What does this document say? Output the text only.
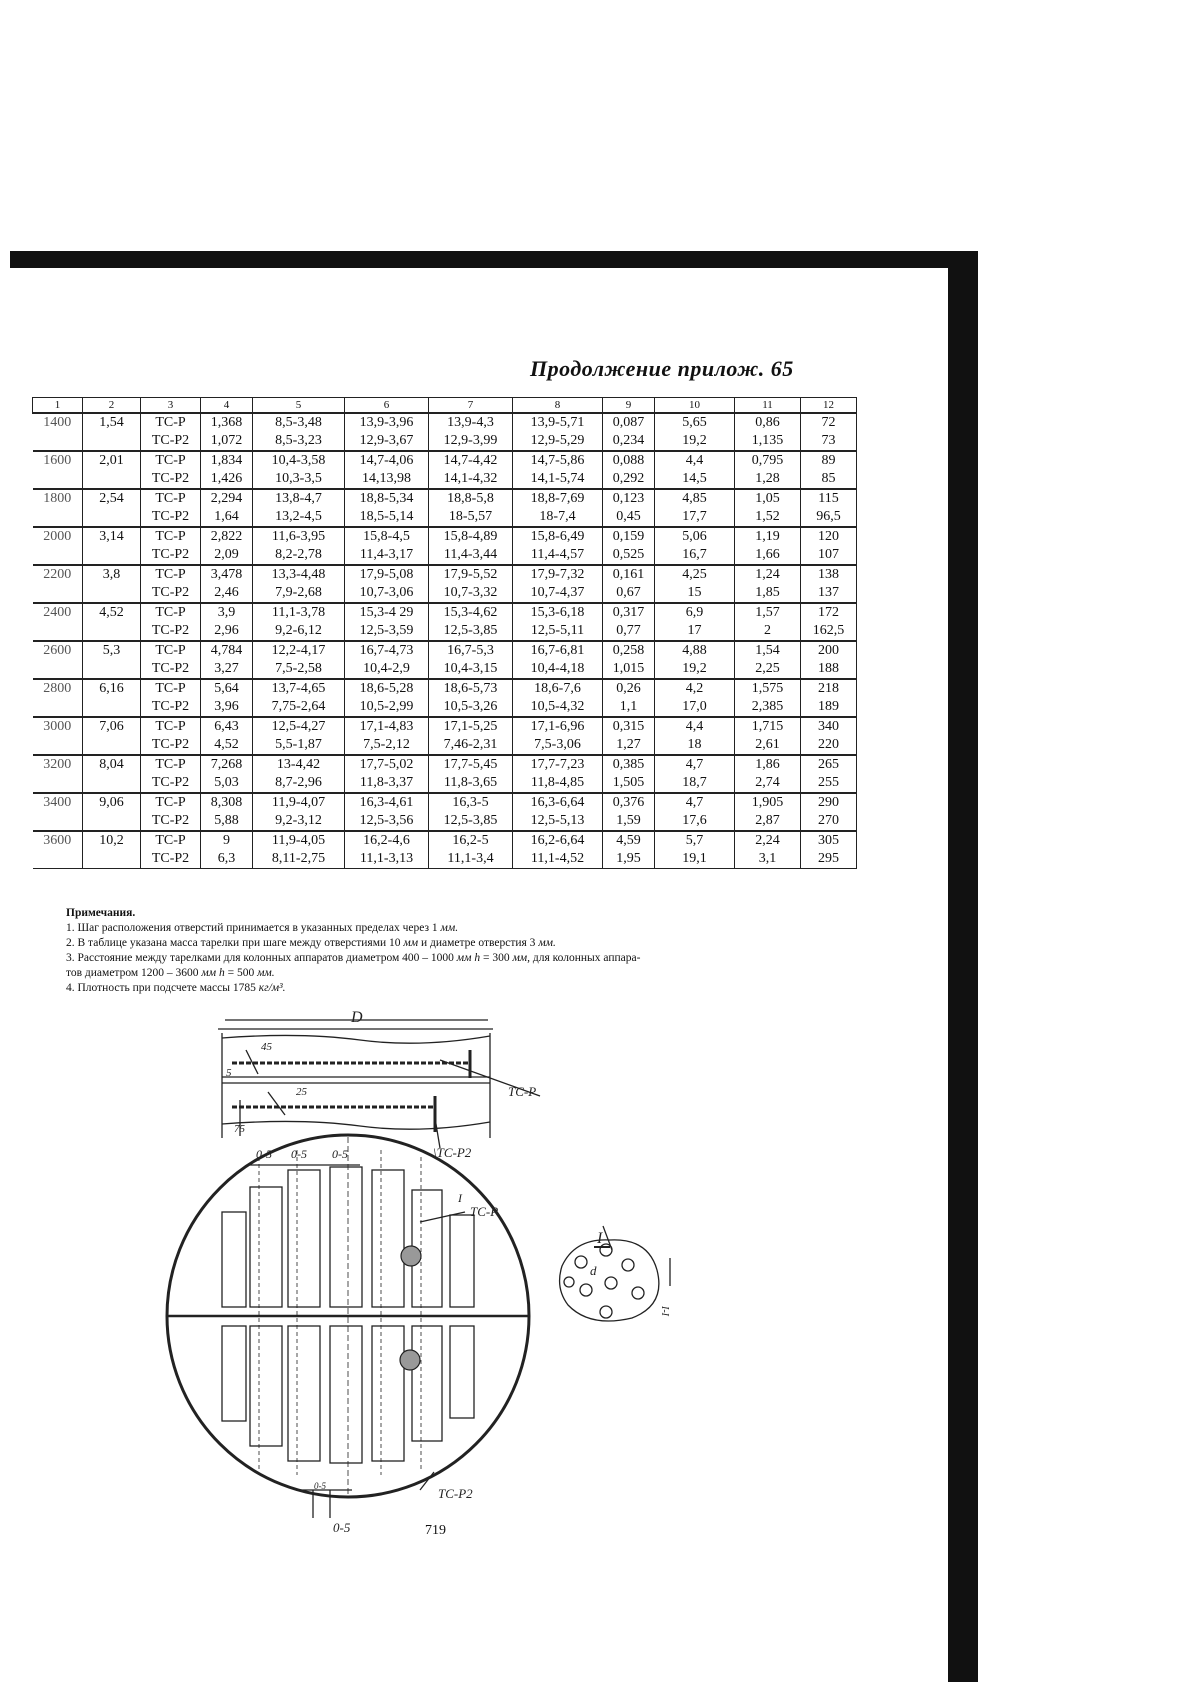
Продолжение прилож. 65
1	2	3	4	5	6	7	8	9	10	11	12
1400	1,54	ТС-Р	1,368	8,5-3,48	13,9-3,96	13,9-4,3	13,9-5,71	0,087	5,65	0,86	72
		ТС-Р2	1,072	8,5-3,23	12,9-3,67	12,9-3,99	12,9-5,29	0,234	19,2	1,135	73
1600	2,01	ТС-Р	1,834	10,4-3,58	14,7-4,06	14,7-4,42	14,7-5,86	0,088	4,4	0,795	89
		ТС-Р2	1,426	10,3-3,5	14,13,98	14,1-4,32	14,1-5,74	0,292	14,5	1,28	85
1800	2,54	ТС-Р	2,294	13,8-4,7	18,8-5,34	18,8-5,8	18,8-7,69	0,123	4,85	1,05	115
		ТС-Р2	1,64	13,2-4,5	18,5-5,14	18-5,57	18-7,4	0,45	17,7	1,52	96,5
2000	3,14	ТС-Р	2,822	11,6-3,95	15,8-4,5	15,8-4,89	15,8-6,49	0,159	5,06	1,19	120
		ТС-Р2	2,09	8,2-2,78	11,4-3,17	11,4-3,44	11,4-4,57	0,525	16,7	1,66	107
2200	3,8	ТС-Р	3,478	13,3-4,48	17,9-5,08	17,9-5,52	17,9-7,32	0,161	4,25	1,24	138
		ТС-Р2	2,46	7,9-2,68	10,7-3,06	10,7-3,32	10,7-4,37	0,67	15	1,85	137
2400	4,52	ТС-Р	3,9	11,1-3,78	15,3-4 29	15,3-4,62	15,3-6,18	0,317	6,9	1,57	172
		ТС-Р2	2,96	9,2-6,12	12,5-3,59	12,5-3,85	12,5-5,11	0,77	17	2	162,5
2600	5,3	ТС-Р	4,784	12,2-4,17	16,7-4,73	16,7-5,3	16,7-6,81	0,258	4,88	1,54	200
		ТС-Р2	3,27	7,5-2,58	10,4-2,9	10,4-3,15	10,4-4,18	1,015	19,2	2,25	188
2800	6,16	ТС-Р	5,64	13,7-4,65	18,6-5,28	18,6-5,73	18,6-7,6	0,26	4,2	1,575	218
		ТС-Р2	3,96	7,75-2,64	10,5-2,99	10,5-3,26	10,5-4,32	1,1	17,0	2,385	189
3000	7,06	ТС-Р	6,43	12,5-4,27	17,1-4,83	17,1-5,25	17,1-6,96	0,315	4,4	1,715	340
		ТС-Р2	4,52	5,5-1,87	7,5-2,12	7,46-2,31	7,5-3,06	1,27	18	2,61	220
3200	8,04	ТС-Р	7,268	13-4,42	17,7-5,02	17,7-5,45	17,7-7,23	0,385	4,7	1,86	265
		ТС-Р2	5,03	8,7-2,96	11,8-3,37	11,8-3,65	11,8-4,85	1,505	18,7	2,74	255
3400	9,06	ТС-Р	8,308	11,9-4,07	16,3-4,61	16,3-5	16,3-6,64	0,376	4,7	1,905	290
		ТС-Р2	5,88	9,2-3,12	12,5-3,56	12,5-3,85	12,5-5,13	1,59	17,6	2,87	270
3600	10,2	ТС-Р	9	11,9-4,05	16,2-4,6	16,2-5	16,2-6,64	4,59	5,7	2,24	305
		ТС-Р2	6,3	8,11-2,75	11,1-3,13	11,1-3,4	11,1-4,52	1,95	19,1	3,1	295
Примечания.
1. Шаг расположения отверстий принимается в указанных пределах через 1 мм.
2. В таблице указана масса тарелки при шаге между отверстиями 10 мм и диаметре отверстия 3 мм.
3. Расстояние между тарелками для колонных аппаратов диаметром 400 – 1000 мм h = 300 мм, для колонных аппара-
тов диаметром 1200 – 3600 мм h = 500 мм.
4. Плотность при подсчете массы 1785 кг/м³.
D
45
25
5
75
ТС-Р
\ТС-Р2
0-5 0-5 0-5
I
ТС-Р
ТС-Р2
0-5
0-5
I
d
I-I
719
